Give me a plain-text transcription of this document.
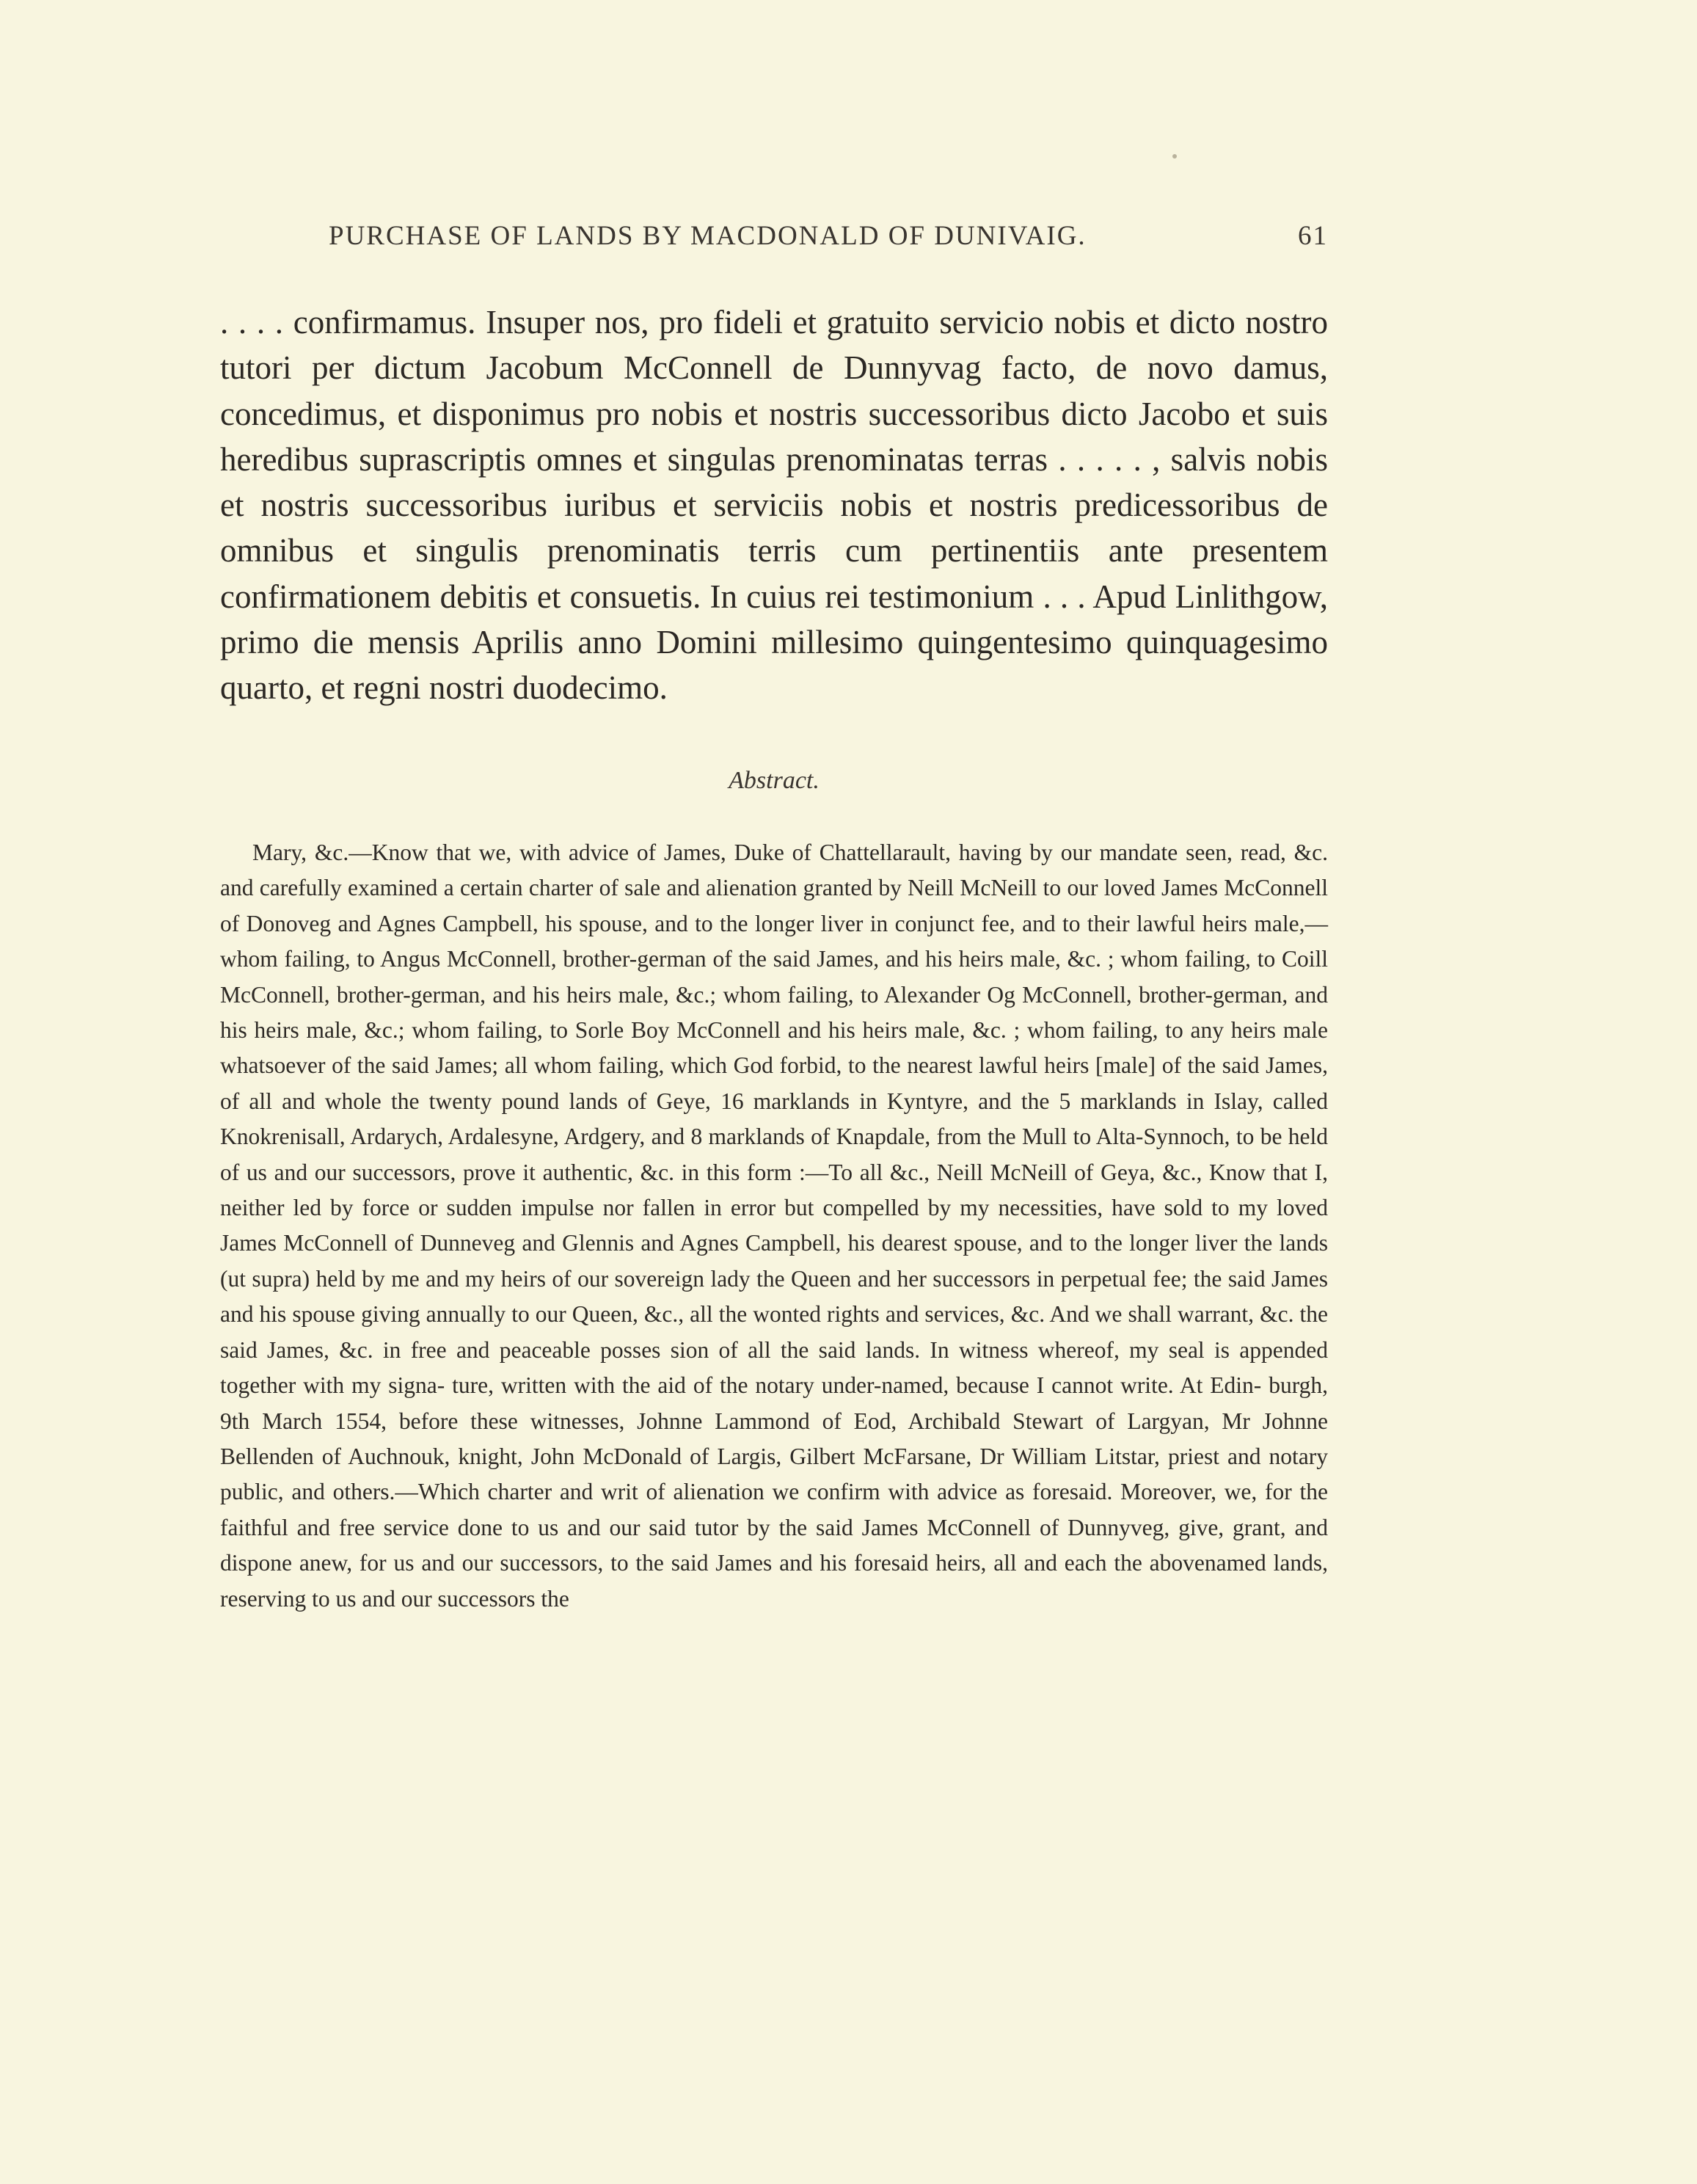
PURCHASE OF LANDS BY MACDONALD OF DUNIVAIG.	61

. . . . confirmamus. Insuper nos, pro fideli et gratuito servicio nobis et dicto nostro tutori per dictum Jacobum McConnell de Dunnyvag facto, de novo damus, concedimus, et disponimus pro nobis et nostris successoribus dicto Jacobo et suis heredibus suprascriptis omnes et singulas prenominatas terras . . . . . , salvis nobis et nostris successoribus iuribus et serviciis nobis et nostris predicessoribus de omnibus et singulis prenominatis terris cum pertinentiis ante presentem confirmationem debitis et consuetis. In cuius rei testimonium . . . Apud Linlithgow, primo die mensis Aprilis anno Domini millesimo quingentesimo quinquagesimo quarto, et regni nostri duodecimo.

Abstract.

Mary, &c.—Know that we, with advice of James, Duke of Chattellarault, having by our mandate seen, read, &c. and carefully examined a certain charter of sale and alienation granted by Neill McNeill to our loved James McConnell of Donoveg and Agnes Campbell, his spouse, and to the longer liver in conjunct fee, and to their lawful heirs male,—whom failing, to Angus McConnell, brother-german of the said James, and his heirs male, &c. ; whom failing, to Coill McConnell, brother-german, and his heirs male, &c.; whom failing, to Alexander Og McConnell, brother-german, and his heirs male, &c.; whom failing, to Sorle Boy McConnell and his heirs male, &c. ; whom failing, to any heirs male whatsoever of the said James; all whom failing, which God forbid, to the nearest lawful heirs [male] of the said James, of all and whole the twenty pound lands of Geye, 16 marklands in Kyntyre, and the 5 marklands in Islay, called Knokrenisall, Ardarych, Ardalesyne, Ardgery, and 8 marklands of Knapdale, from the Mull to Alta-Synnoch, to be held of us and our successors, prove it authentic, &c. in this form :—To all &c., Neill McNeill of Geya, &c., Know that I, neither led by force or sudden impulse nor fallen in error but compelled by my necessities, have sold to my loved James McConnell of Dunneveg and Glennis and Agnes Campbell, his dearest spouse, and to the longer liver the lands (ut supra) held by me and my heirs of our sovereign lady the Queen and her successors in perpetual fee; the said James and his spouse giving annually to our Queen, &c., all the wonted rights and services, &c. And we shall warrant, &c. the said James, &c. in free and peaceable posses sion of all the said lands. In witness whereof, my seal is appended together with my signa- ture, written with the aid of the notary under-named, because I cannot write. At Edin- burgh, 9th March 1554, before these witnesses, Johnne Lammond of Eod, Archibald Stewart of Largyan, Mr Johnne Bellenden of Auchnouk, knight, John McDonald of Largis, Gilbert McFarsane, Dr William Litstar, priest and notary public, and others.—Which charter and writ of alienation we confirm with advice as foresaid. Moreover, we, for the faithful and free service done to us and our said tutor by the said James McConnell of Dunnyveg, give, grant, and dispone anew, for us and our successors, to the said James and his foresaid heirs, all and each the abovenamed lands, reserving to us and our successors the
